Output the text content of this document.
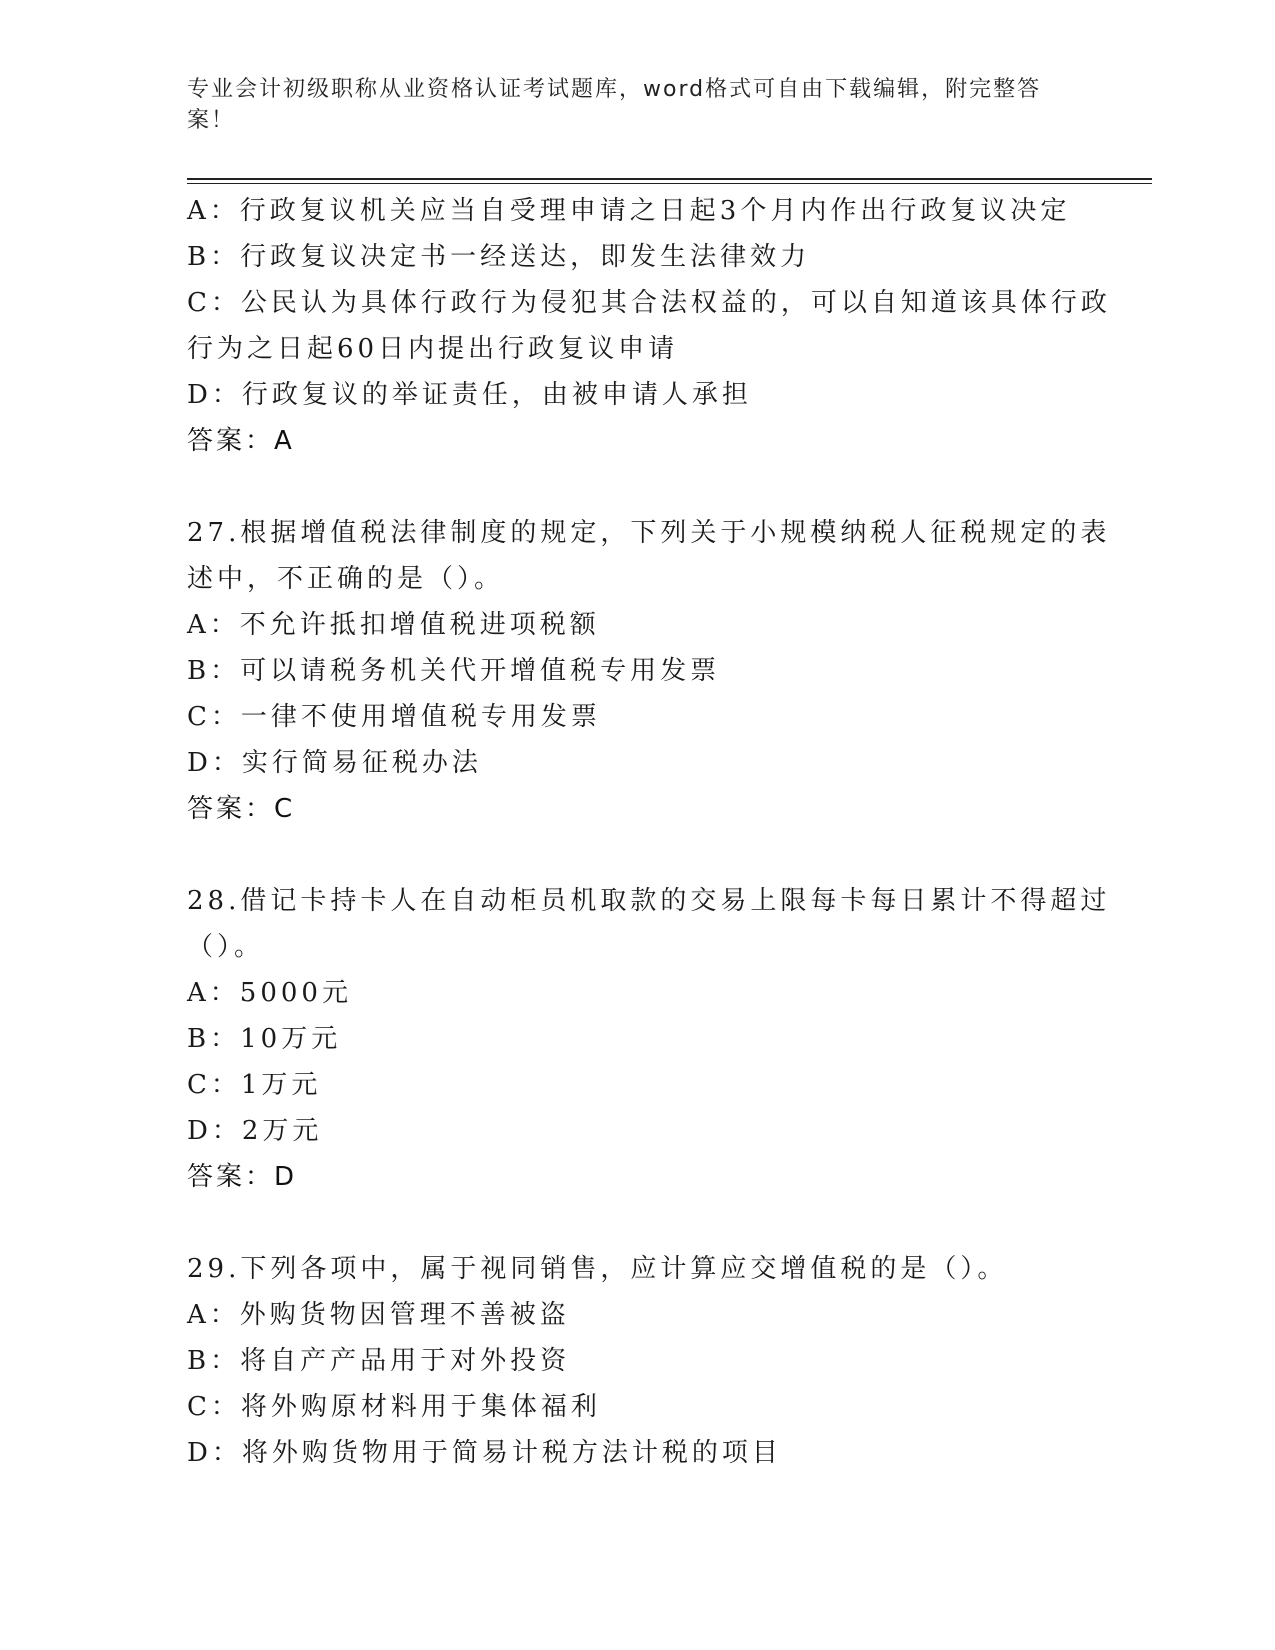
专业会计初级职称从业资格认证考试题库，word格式可自由下载编辑，附完整答
案！
A：行政复议机关应当自受理申请之日起3个月内作出行政复议决定
B：行政复议决定书一经送达，即发生法律效力
C：公民认为具体行政行为侵犯其合法权益的，可以自知道该具体行政
行为之日起60日内提出行政复议申请
D：行政复议的举证责任，由被申请人承担
答案：A
27.根据增值税法律制度的规定，下列关于小规模纳税人征税规定的表
述中，不正确的是（）。
A：不允许抵扣增值税进项税额
B：可以请税务机关代开增值税专用发票
C：一律不使用增值税专用发票
D：实行简易征税办法
答案：C
28.借记卡持卡人在自动柜员机取款的交易上限每卡每日累计不得超过
（）。
A：5000元
B：10万元
C：1万元
D：2万元
答案：D
29.下列各项中，属于视同销售，应计算应交增值税的是（）。
A：外购货物因管理不善被盗
B：将自产产品用于对外投资
C：将外购原材料用于集体福利
D：将外购货物用于简易计税方法计税的项目
